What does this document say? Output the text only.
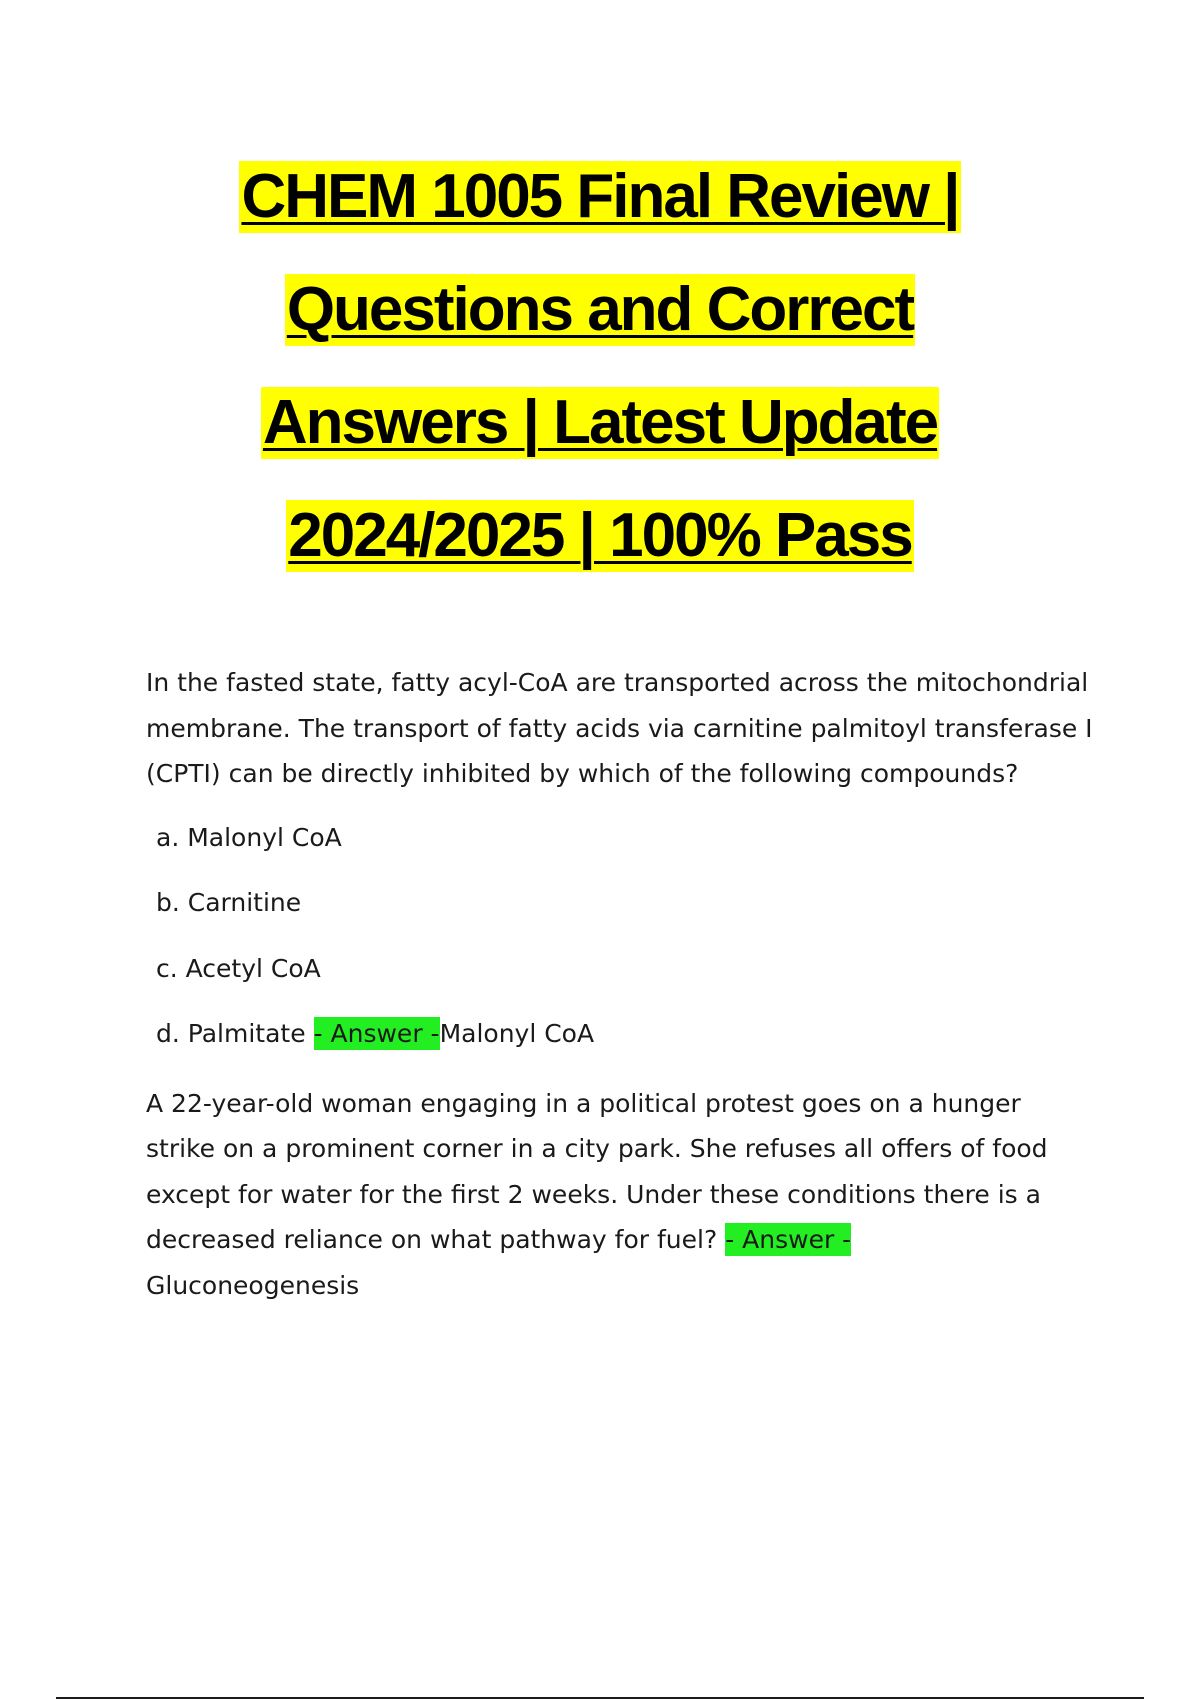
CHEM 1005 Final Review |
Questions and Correct
Answers | Latest Update
2024/2025 | 100% Pass

In the fasted state, fatty acyl-CoA are transported across the mitochondrial membrane. The transport of fatty acids via carnitine palmitoyl transferase I (CPTI) can be directly inhibited by which of the following compounds?

a. Malonyl CoA
b. Carnitine
c. Acetyl CoA
d. Palmitate - Answer -Malonyl CoA

A 22-year-old woman engaging in a political protest goes on a hunger strike on a prominent corner in a city park. She refuses all offers of food except for water for the first 2 weeks. Under these conditions there is a decreased reliance on what pathway for fuel? - Answer -
Gluconeogenesis
